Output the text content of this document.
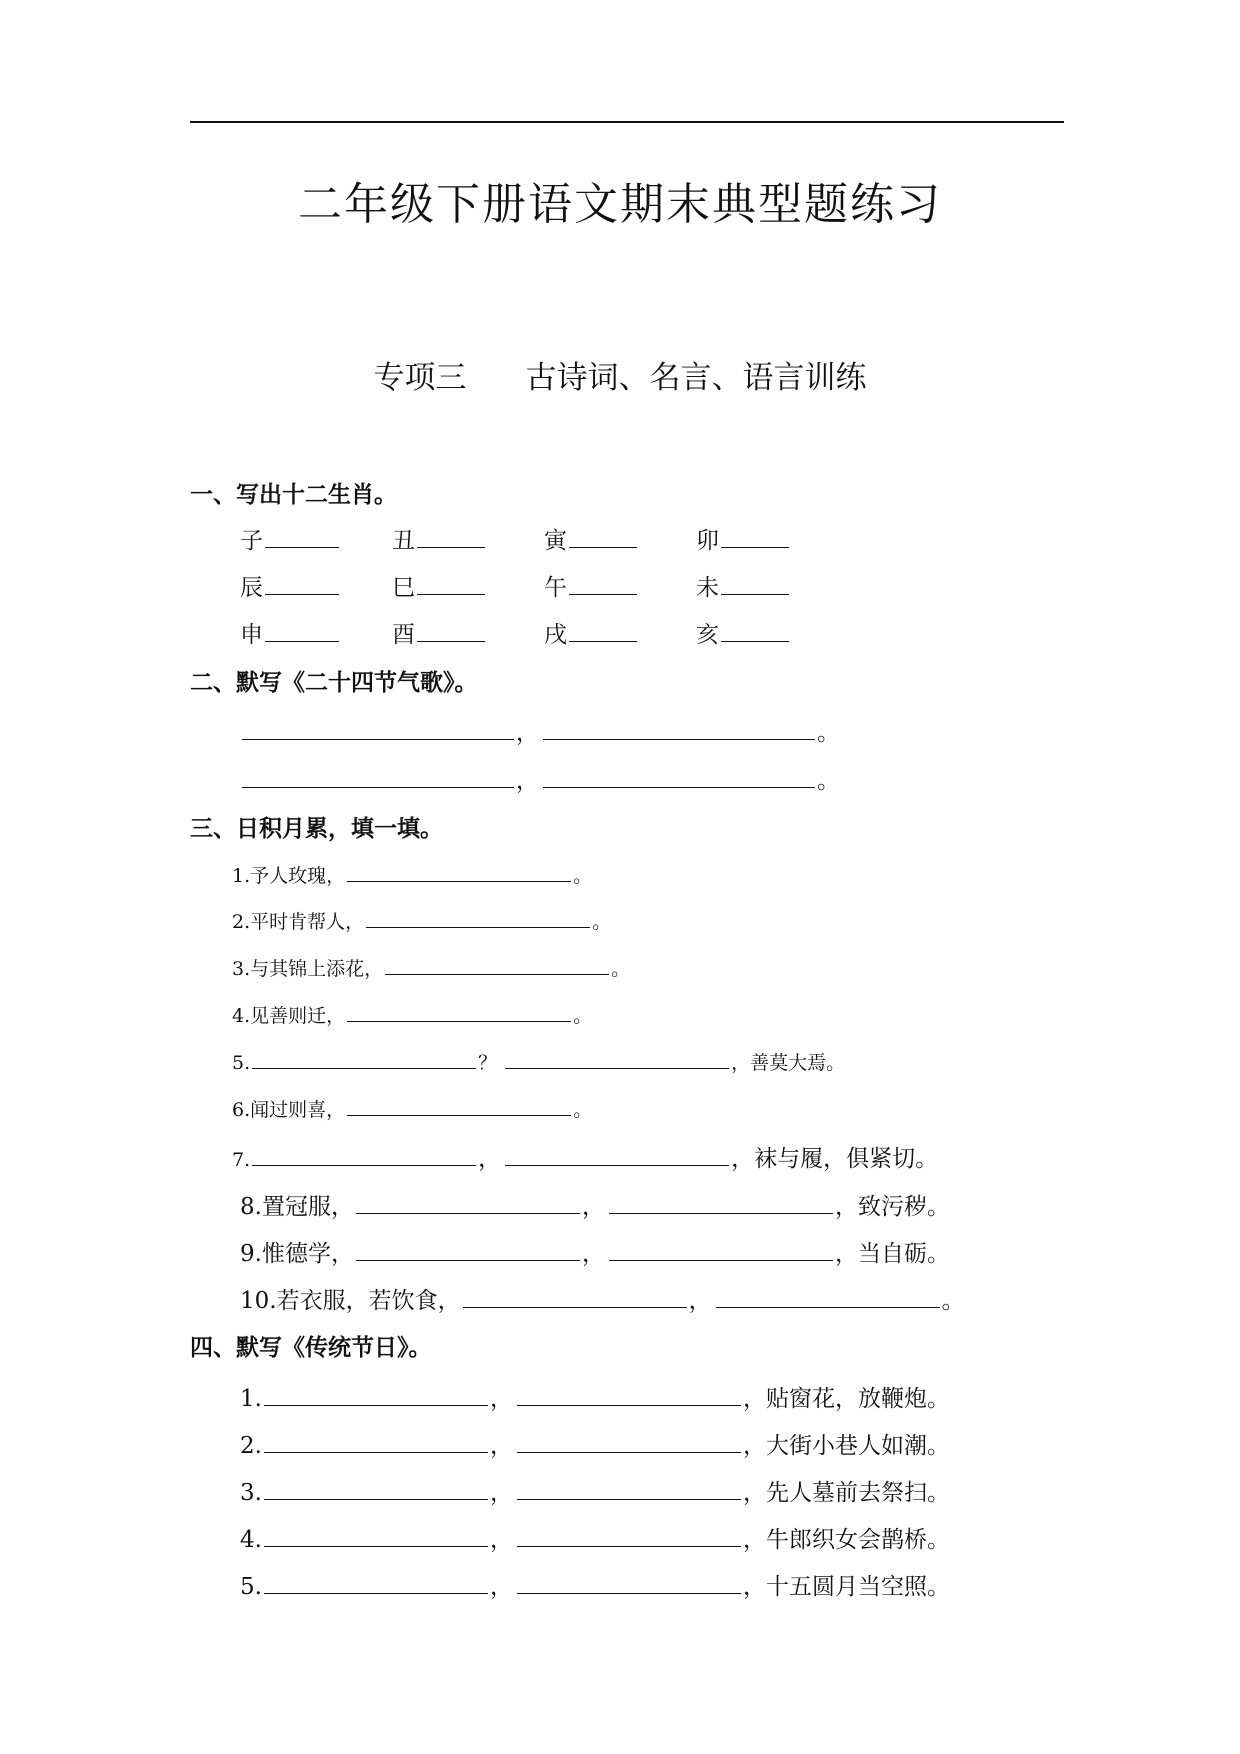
二年级下册语文期末典型题练习
专项三      古诗词、名言、语言训练
一、写出十二生肖。
子	丑	寅	卯
辰	巳	午	未
申	酉	戌	亥
二、默写《二十四节气歌》。
，	。
，	。
三、日积月累，填一填。
1. 予人玫瑰，	。
2. 平时肯帮人，	。
3. 与其锦上添花，	。
4. 见善则迁，	。
5.	？	，善莫大焉。
6. 闻过则喜，	。
7.	，	，袜与履，俱紧切。
8. 置冠服，	，	，致污秽。
9. 惟德学，	，	，当自砺。
10. 若衣服，若饮食，	，	。
四、默写《传统节日》。
1.	，	，贴窗花，放鞭炮。
2.	，	，大街小巷人如潮。
3.	，	，先人墓前去祭扫。
4.	，	，牛郎织女会鹊桥。
5.	，	，十五圆月当空照。
